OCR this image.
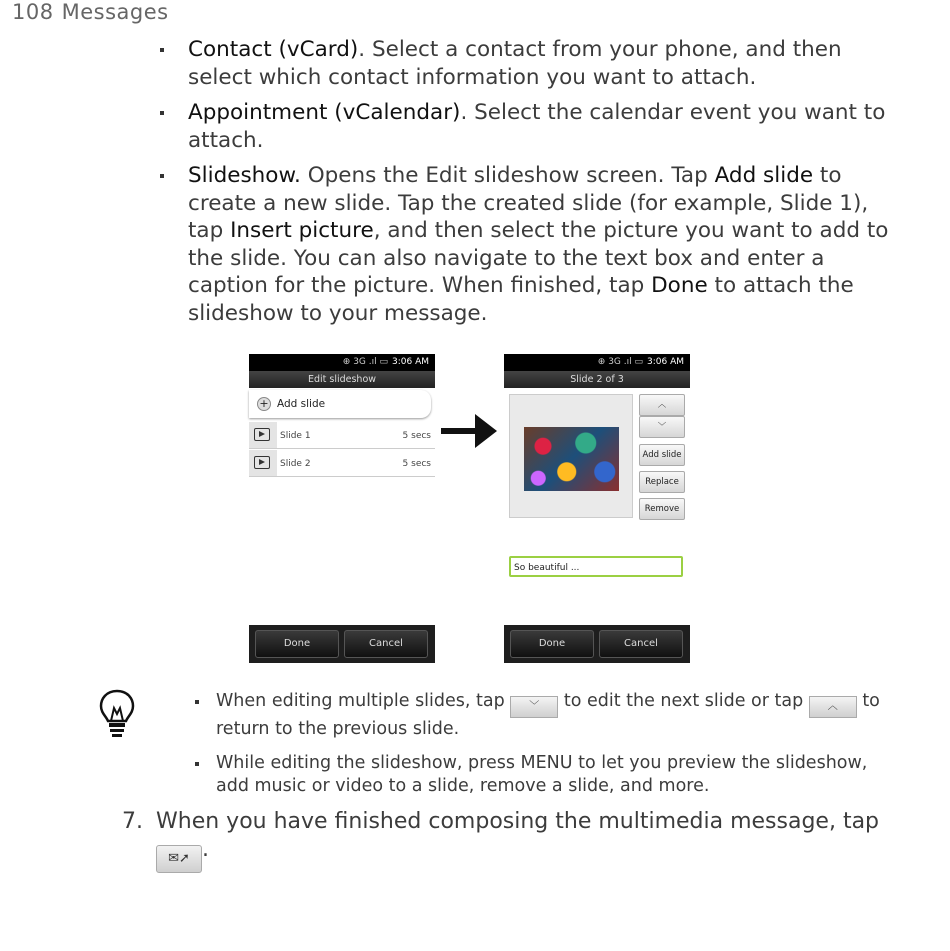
108 Messages
Contact (vCard). Select a contact from your phone, and then select which contact information you want to attach.
Appointment (vCalendar). Select the calendar event you want to attach.
Slideshow. Opens the Edit slideshow screen. Tap Add slide to create a new slide. Tap the created slide (for example, Slide 1), tap Insert picture, and then select the picture you want to add to the slide. You can also navigate to the text box and enter a caption for the picture. When finished, tap Done to attach the slideshow to your message.
⊕ 3G .ıl ▭ 3:06 AM
Edit slideshow
+ Add slide
Slide 1	5 secs
Slide 2	5 secs
Done	Cancel
⊕ 3G .ıl ▭ 3:06 AM
Slide 2 of 3
︿
﹀
Add slide
Replace
Remove
So beautiful ...
Done	Cancel
When editing multiple slides, tap ﹀ to edit the next slide or tap ︿ to return to the previous slide.
While editing the slideshow, press MENU to let you preview the slideshow, add music or video to a slide, remove a slide, and more.
7. When you have finished composing the multimedia message, tap ✉➚ .
